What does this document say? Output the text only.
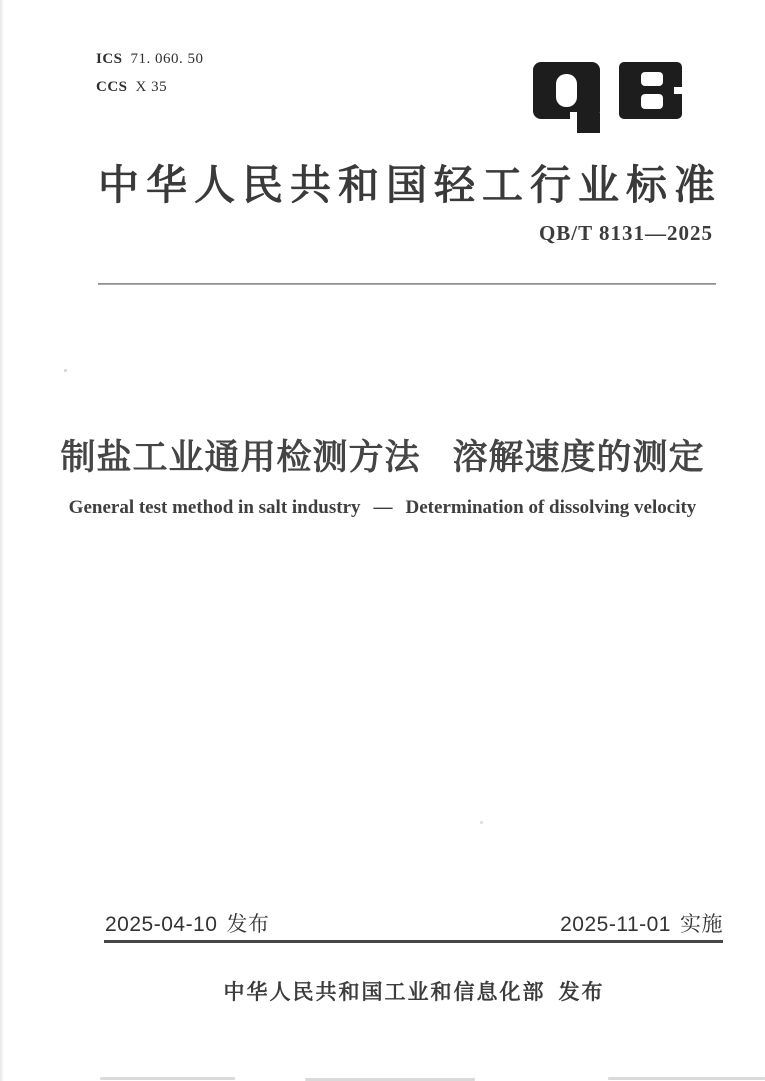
ICS 71. 060. 50
CCS X 35
中华人民共和国轻工行业标准
QB/T 8131—2025
制盐工业通用检测方法 溶解速度的测定
General test method in salt industry — Determination of dissolving velocity
2025-04-10 发布	2025-11-01 实施
中华人民共和国工业和信息化部 发布
